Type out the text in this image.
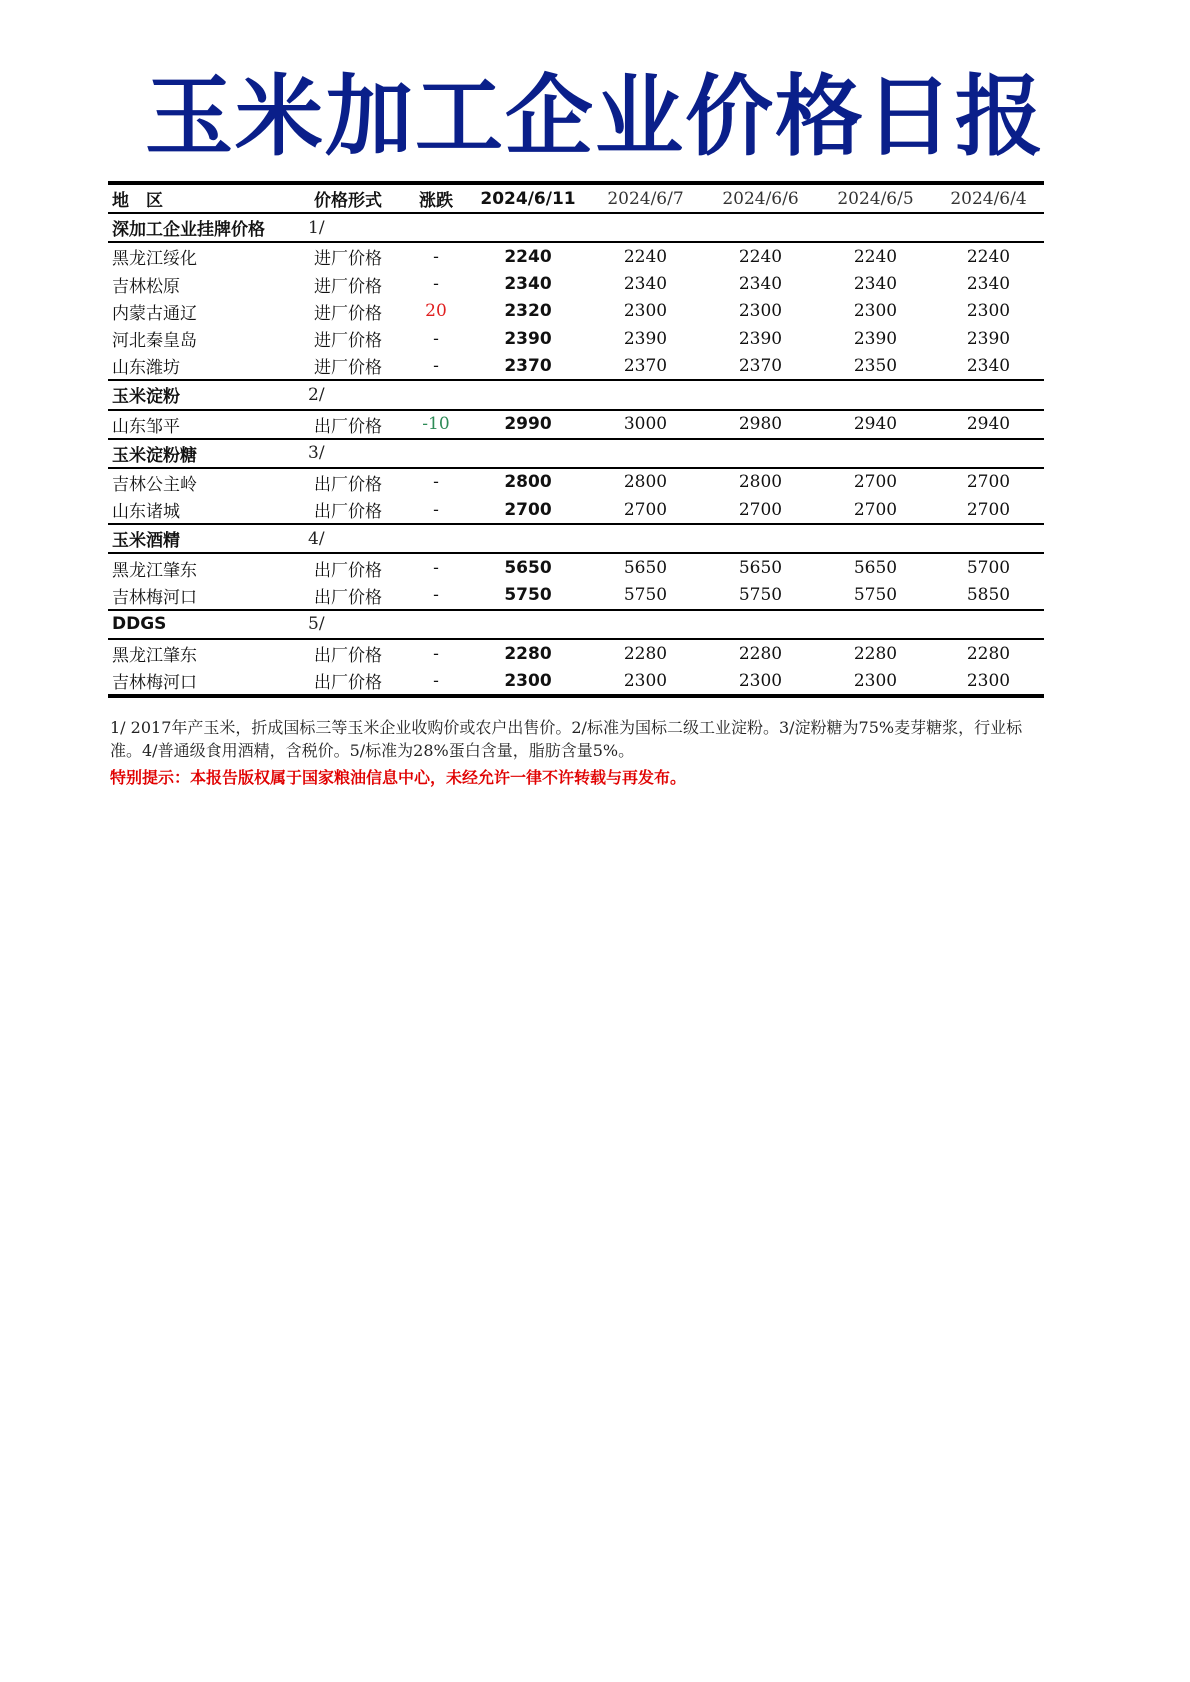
玉米加工企业价格日报
地　区	价格形式	涨跌	2024/6/11	2024/6/7	2024/6/6	2024/6/5	2024/6/4
深加工企业挂牌价格	1/						
黑龙江绥化	进厂价格	-	2240	2240	2240	2240	2240
吉林松原	进厂价格	-	2340	2340	2340	2340	2340
内蒙古通辽	进厂价格	20	2320	2300	2300	2300	2300
河北秦皇岛	进厂价格	-	2390	2390	2390	2390	2390
山东潍坊	进厂价格	-	2370	2370	2370	2350	2340
玉米淀粉	2/						
山东邹平	出厂价格	-10	2990	3000	2980	2940	2940
玉米淀粉糖	3/						
吉林公主岭	出厂价格	-	2800	2800	2800	2700	2700
山东诸城	出厂价格	-	2700	2700	2700	2700	2700
玉米酒精	4/						
黑龙江肇东	出厂价格	-	5650	5650	5650	5650	5700
吉林梅河口	出厂价格	-	5750	5750	5750	5750	5850
DDGS	5/						
黑龙江肇东	出厂价格	-	2280	2280	2280	2280	2280
吉林梅河口	出厂价格	-	2300	2300	2300	2300	2300

1/ 2017年产玉米，折成国标三等玉米企业收购价或农户出售价。2/标准为国标二级工业淀粉。3/淀粉糖为75%麦芽糖浆，行业标准。4/普通级食用酒精，含税价。5/标准为28%蛋白含量，脂肪含量5%。

特别提示：本报告版权属于国家粮油信息中心，未经允许一律不许转载与再发布。
